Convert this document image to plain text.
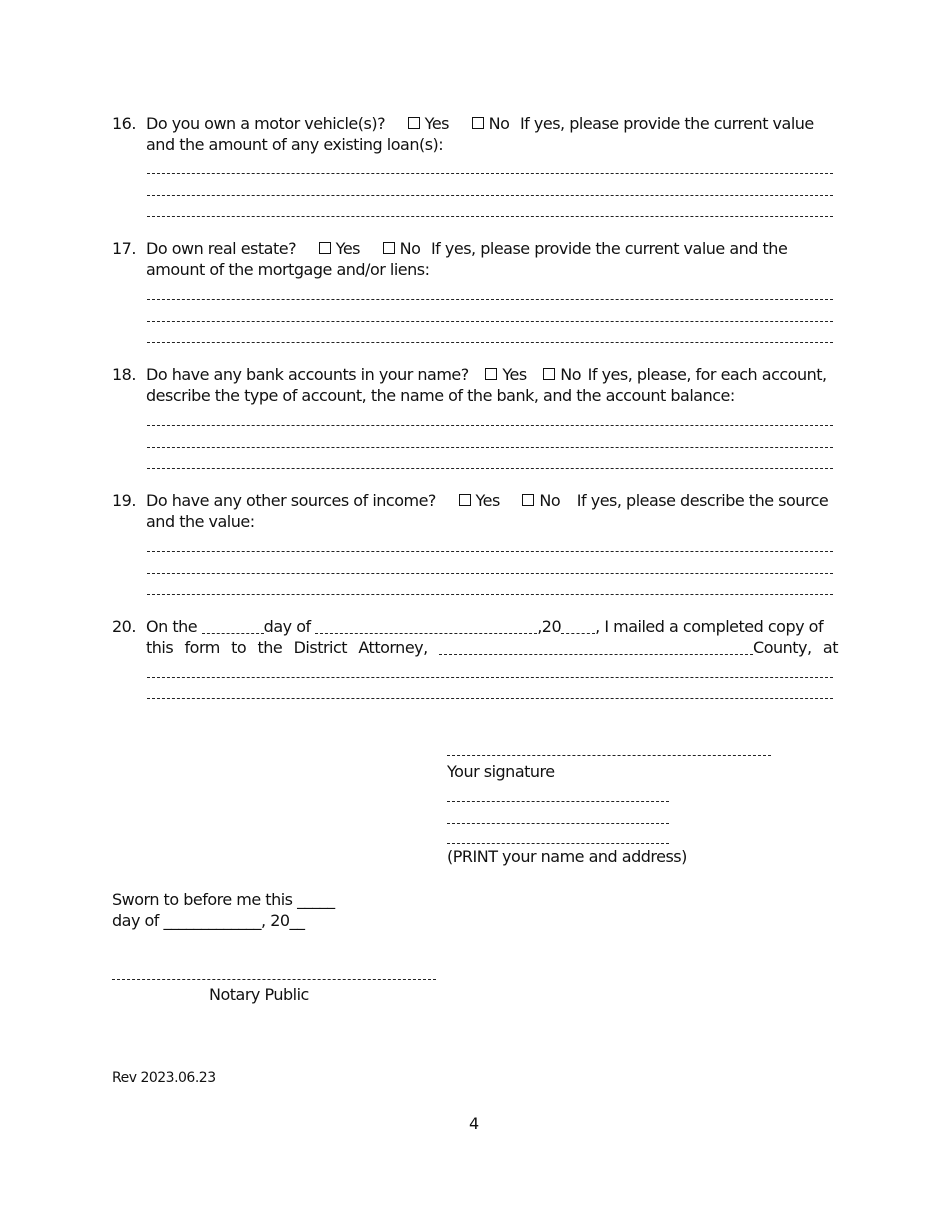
16. Do you own a motor vehicle(s)? Yes No If yes, please provide the current value
and the amount of any existing loan(s):
17. Do own real estate? Yes No If yes, please provide the current value and the
amount of the mortgage and/or liens:
18. Do have any bank accounts in your name? Yes No If yes, please, for each account,
describe the type of account, the name of the bank, and the account balance:
19. Do have any other sources of income? Yes No If yes, please describe the source
and the value:
20. On the	day of	,20 , I mailed a completed copy of
this form to the District Attorney,	County, at
Your signature
(PRINT your name and address)
Sworn to before me this _____
day of _____________, 20__
Notary Public
Rev 2023.06.23
4
